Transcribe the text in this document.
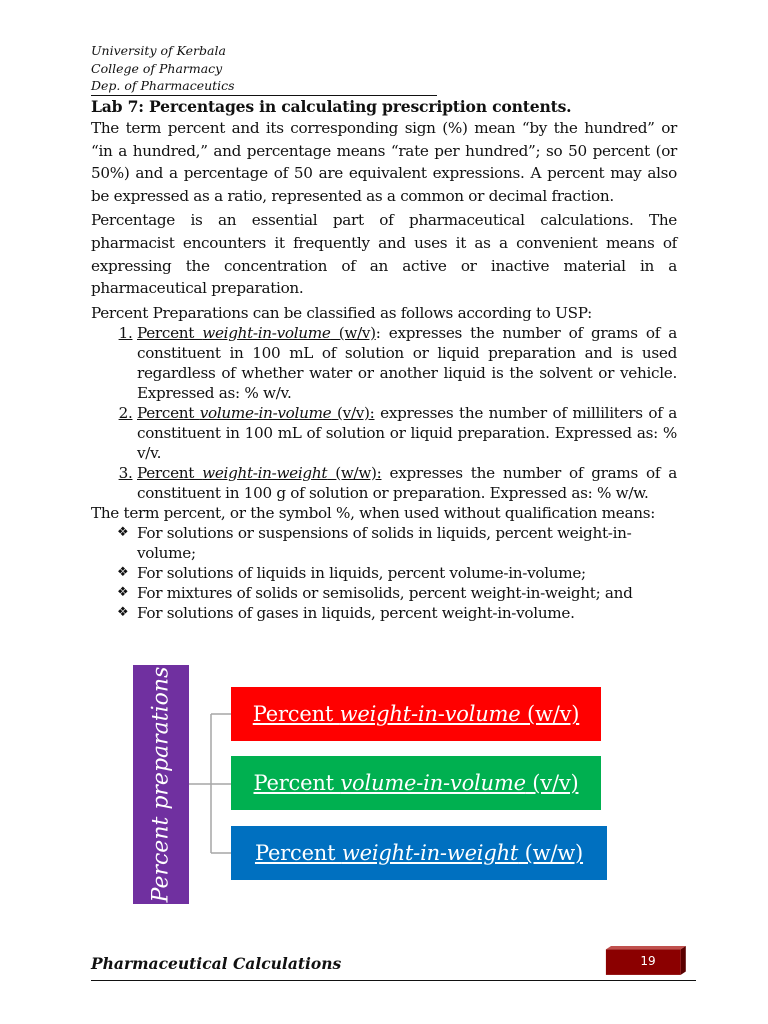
University of Kerbala
College of Pharmacy
Dep. of Pharmaceutics
Lab 7: Percentages in calculating prescription contents.

The term percent and its corresponding sign (%) mean “by the hundred” or “in a hundred,” and percentage means “rate per hundred”; so 50 percent (or 50%) and a percentage of 50 are equivalent expressions. A percent may also be expressed as a ratio, represented as a common or decimal fraction.

Percentage is an essential part of pharmaceutical calculations. The pharmacist encounters it frequently and uses it as a convenient means of expressing the concentration of an active or inactive material in a pharmaceutical preparation.

Percent Preparations can be classified as follows according to USP:
1. Percent weight-in-volume (w/v): expresses the number of grams of a constituent in 100 mL of solution or liquid preparation and is used regardless of whether water or another liquid is the solvent or vehicle. Expressed as: % w/v.
2. Percent volume-in-volume (v/v): expresses the number of milliliters of a constituent in 100 mL of solution or liquid preparation. Expressed as: % v/v.
3. Percent weight-in-weight (w/w): expresses the number of grams of a constituent in 100 g of solution or preparation. Expressed as: % w/w.
The term percent, or the symbol %, when used without qualification means:
❖ For solutions or suspensions of solids in liquids, percent weight-in-volume;
❖ For solutions of liquids in liquids, percent volume-in-volume;
❖ For mixtures of solids or semisolids, percent weight-in-weight; and
❖ For solutions of gases in liquids, percent weight-in-volume.
Percent preparations	Percent weight-in-volume (w/v)
Percent volume-in-volume (v/v)
Percent weight-in-weight (w/w)
Pharmaceutical Calculations	19
